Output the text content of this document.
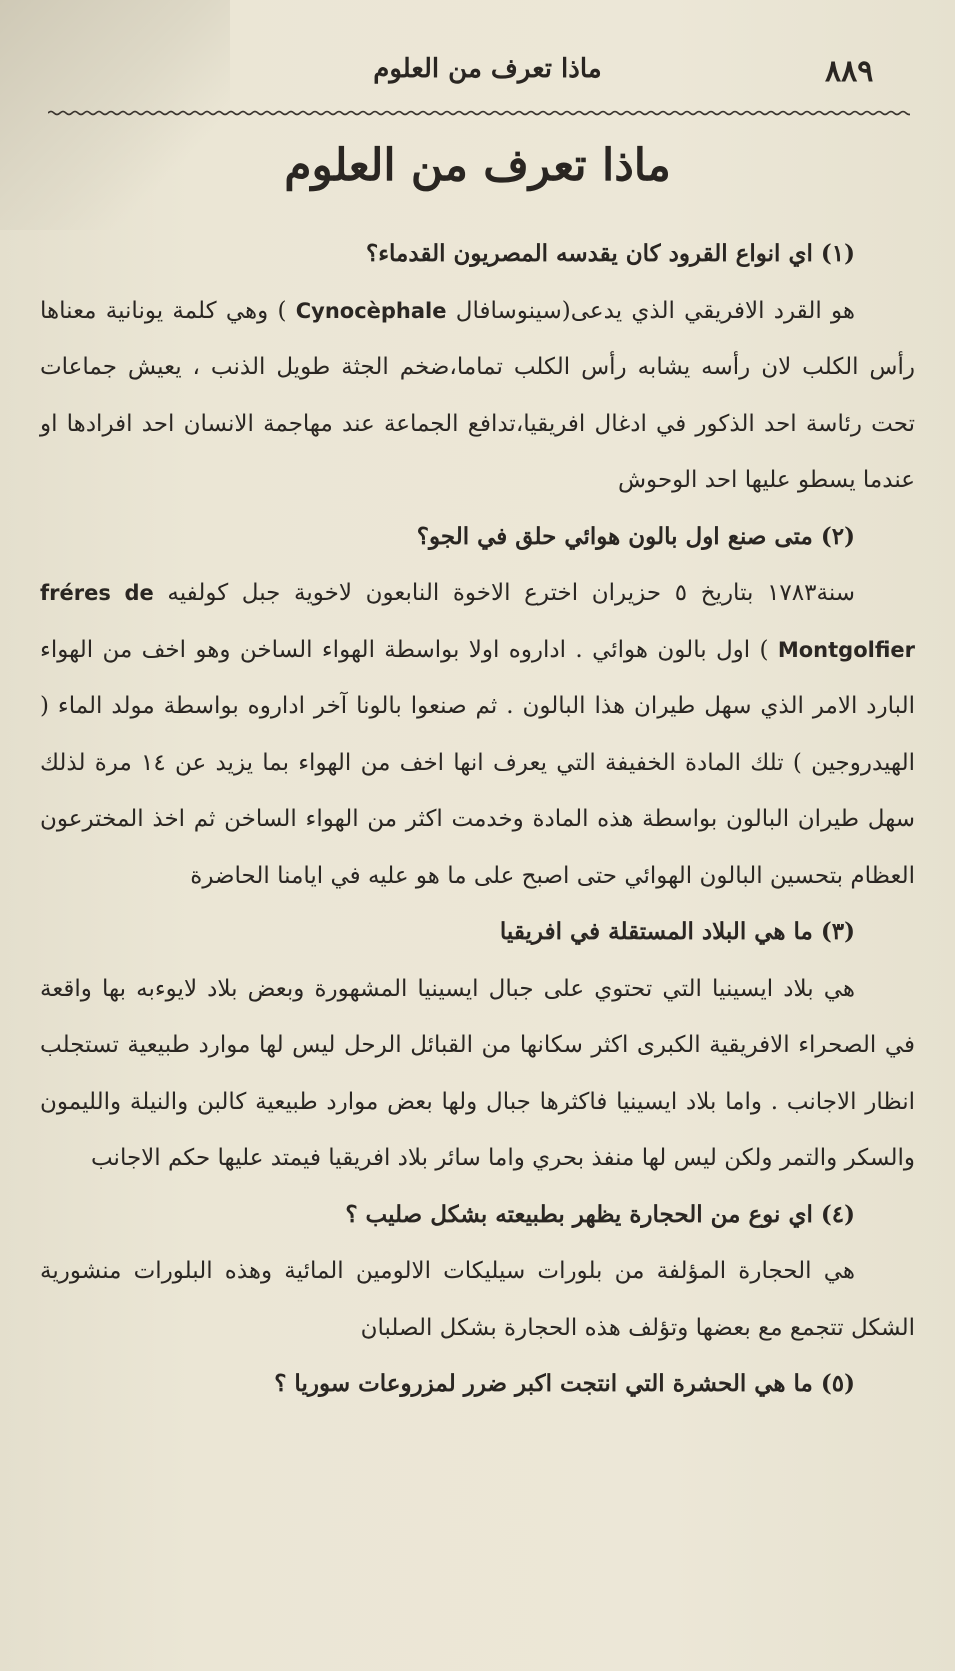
٨٨٩
ماذا تعرف من العلوم
ماذا تعرف من العلوم

(١) اي انواع القرود كان يقدسه المصريون القدماء؟

هو القرد الافريقي الذي يدعى(سينوسافال Cynocèphale ) وهي كلمة يونانية معناها رأس الكلب لان رأسه يشابه رأس الكلب تماما،ضخم الجثة طويل الذنب ، يعيش جماعات تحت رئاسة احد الذكور في ادغال افريقيا،تدافع الجماعة عند مهاجمة الانسان احد افرادها او عندما يسطو عليها احد الوحوش

(٢) متى صنع اول بالون هوائي حلق في الجو؟

سنة١٧٨٣ بتاريخ ٥ حزيران اخترع الاخوة النابعون لاخوية جبل كولفيه fréres de Montgolfier ) اول بالون هوائي . اداروه اولا بواسطة الهواء الساخن وهو اخف من الهواء البارد الامر الذي سهل طيران هذا البالون . ثم صنعوا بالونا آخر اداروه بواسطة مولد الماء ( الهيدروجين ) تلك المادة الخفيفة التي يعرف انها اخف من الهواء بما يزيد عن ١٤ مرة لذلك سهل طيران البالون بواسطة هذه المادة وخدمت اكثر من الهواء الساخن ثم اخذ المخترعون العظام بتحسين البالون الهوائي حتى اصبح على ما هو عليه في ايامنا الحاضرة

(٣) ما هي البلاد المستقلة في افريقيا

هي بلاد ايسينيا التي تحتوي على جبال ايسينيا المشهورة وبعض بلاد لايوءبه بها واقعة في الصحراء الافريقية الكبرى اكثر سكانها من القبائل الرحل ليس لها موارد طبيعية تستجلب انظار الاجانب . واما بلاد ايسينيا فاكثرها جبال ولها بعض موارد طبيعية كالبن والنيلة والليمون والسكر والتمر ولكن ليس لها منفذ بحري واما سائر بلاد افريقيا فيمتد عليها حكم الاجانب

(٤) اي نوع من الحجارة يظهر بطبيعته بشكل صليب ؟

هي الحجارة المؤلفة من بلورات سيليكات الالومين المائية وهذه البلورات منشورية الشكل تتجمع مع بعضها وتؤلف هذه الحجارة بشكل الصلبان

(٥) ما هي الحشرة التي انتجت اكبر ضرر لمزروعات سوريا ؟
